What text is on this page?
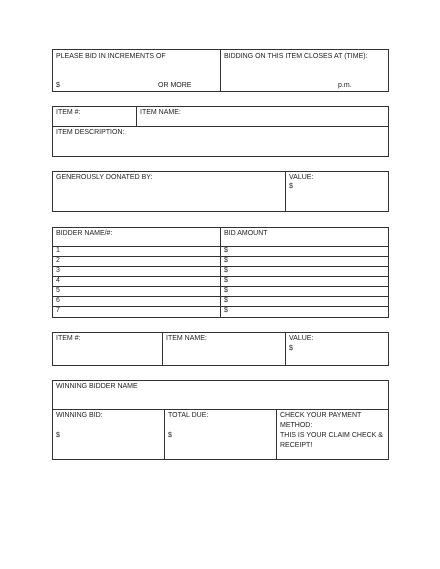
PLEASE BID IN INCREMENTS OF
$	OR MORE
BIDDING ON THIS ITEM CLOSES AT (TIME):
p.m.
ITEM #:	ITEM NAME:
ITEM DESCRIPTION:
GENEROUSLY DONATED BY:	VALUE:
$
BIDDER NAME/#:	BID AMOUNT
1	$
2	$
3	$
4	$
5	$
6	$
7	$
ITEM #:	ITEM NAME:	VALUE:
$
WINNING BIDDER NAME
WINNING BID:
$
TOTAL DUE:
$
CHECK YOUR PAYMENT METHOD:
THIS IS YOUR CLAIM CHECK & RECEIPT!
